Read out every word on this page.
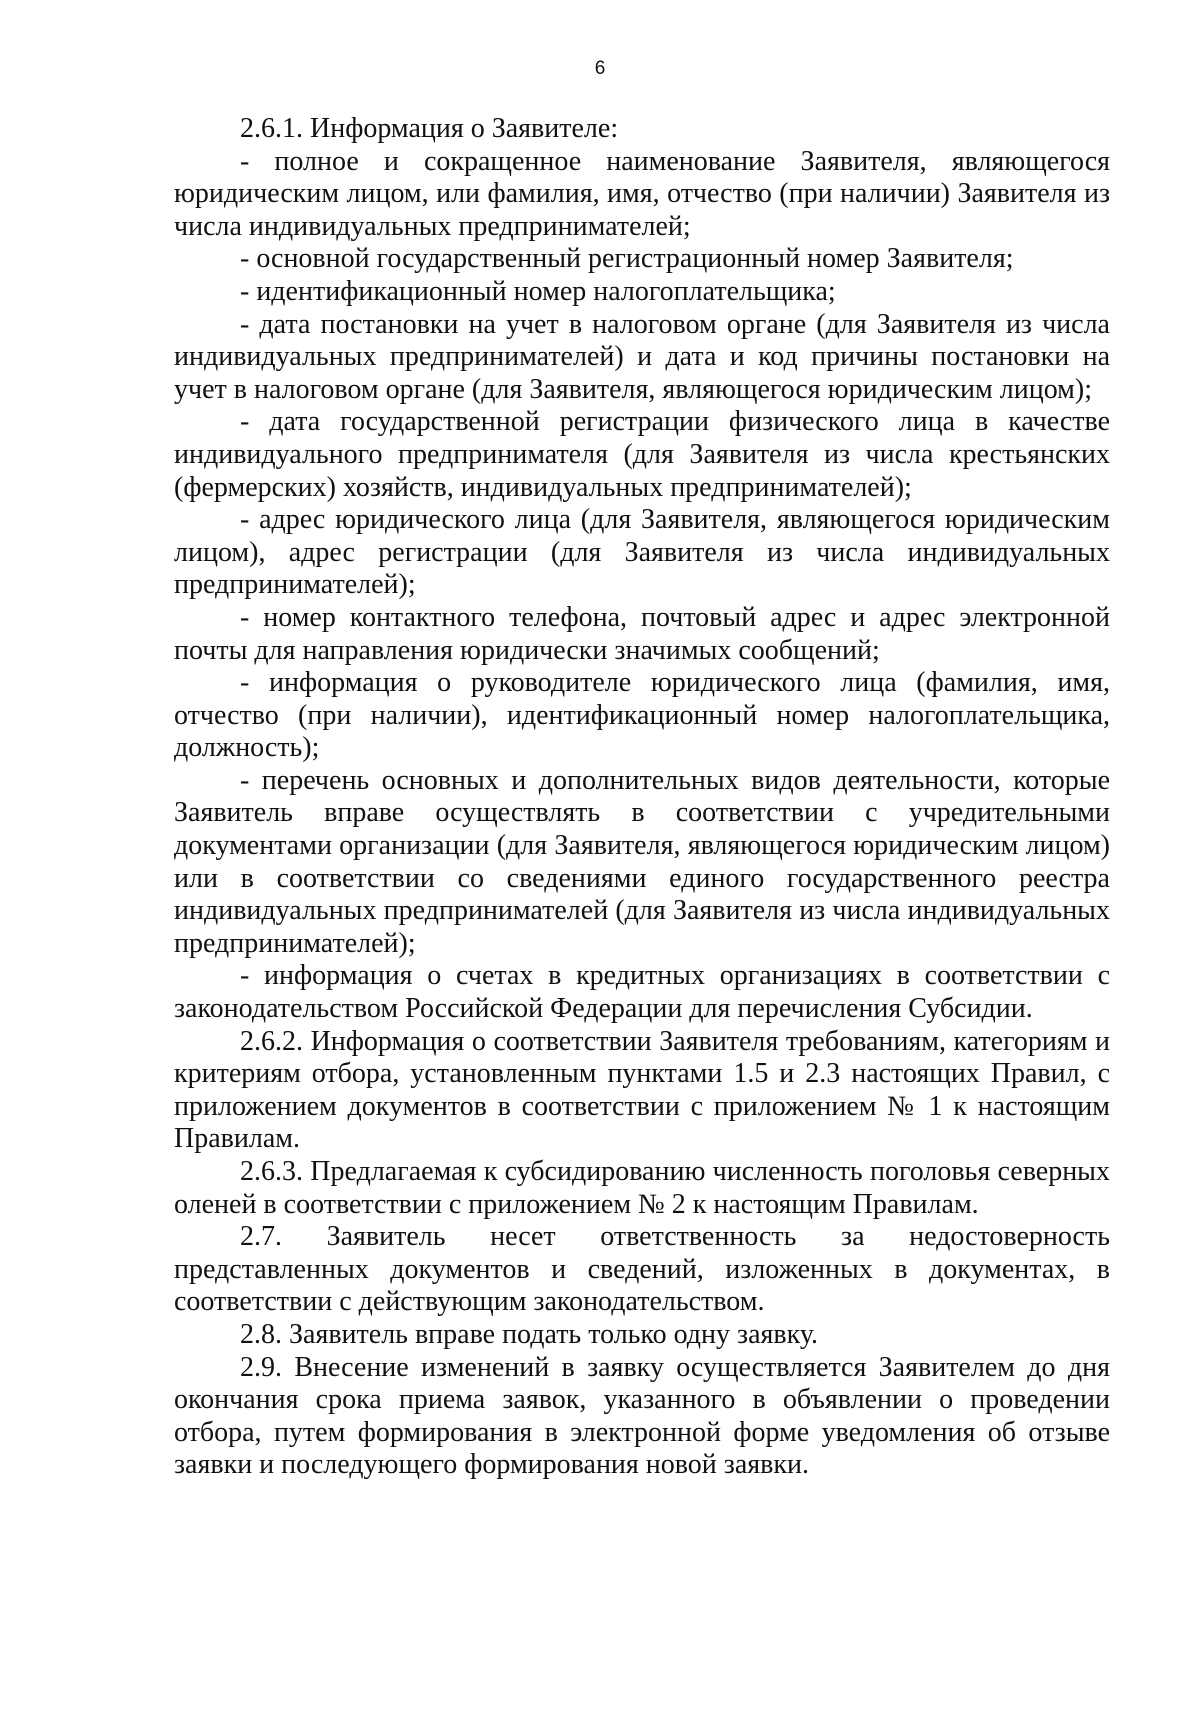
6

2.6.1. Информация о Заявителе:

- полное и сокращенное наименование Заявителя, являющегося юридическим лицом, или фамилия, имя, отчество (при наличии) Заявителя из числа индивидуальных предпринимателей;

- основной государственный регистрационный номер Заявителя;

- идентификационный номер налогоплательщика;

- дата постановки на учет в налоговом органе (для Заявителя из числа индивидуальных предпринимателей) и дата и код причины постановки на учет в налоговом органе (для Заявителя, являющегося юридическим лицом);

- дата государственной регистрации физического лица в качестве индивидуального предпринимателя (для Заявителя из числа крестьянских (фермерских) хозяйств, индивидуальных предпринимателей);

- адрес юридического лица (для Заявителя, являющегося юридическим лицом), адрес регистрации (для Заявителя из числа индивидуальных предпринимателей);

- номер контактного телефона, почтовый адрес и адрес электронной почты для направления юридически значимых сообщений;

- информация о руководителе юридического лица (фамилия, имя, отчество (при наличии), идентификационный номер налогоплательщика, должность);

- перечень основных и дополнительных видов деятельности, которые Заявитель вправе осуществлять в соответствии с учредительными документами организации (для Заявителя, являющегося юридическим лицом) или в соответствии со сведениями единого государственного реестра индивидуальных предпринимателей (для Заявителя из числа индивидуальных предпринимателей);

- информация о счетах в кредитных организациях в соответствии с законодательством Российской Федерации для перечисления Субсидии.

2.6.2. Информация о соответствии Заявителя требованиям, категориям и критериям отбора, установленным пунктами 1.5 и 2.3 настоящих Правил, с приложением документов в соответствии с приложением № 1 к настоящим Правилам.

2.6.3. Предлагаемая к субсидированию численность поголовья северных оленей в соответствии с приложением № 2 к настоящим Правилам.

2.7. Заявитель несет ответственность за недостоверность представленных документов и сведений, изложенных в документах, в соответствии с действующим законодательством.

2.8. Заявитель вправе подать только одну заявку.

2.9. Внесение изменений в заявку осуществляется Заявителем до дня окончания срока приема заявок, указанного в объявлении о проведении отбора, путем формирования в электронной форме уведомления об отзыве заявки и последующего формирования новой заявки.
